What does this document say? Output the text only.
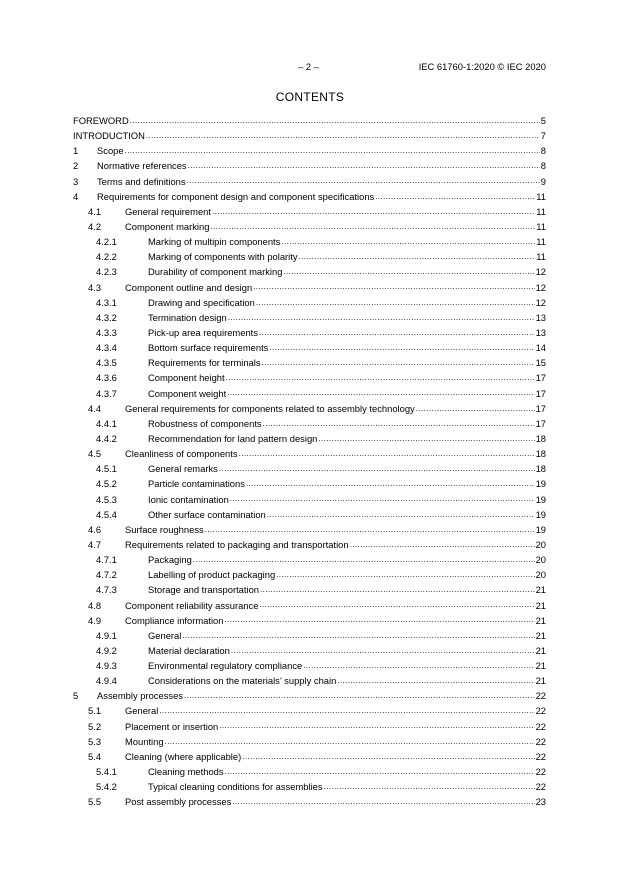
– 2 –	IEC 61760-1:2020 © IEC 2020
CONTENTS
FOREWORD .....	5
INTRODUCTION .....	7
1	Scope .....	8
2	Normative references .....	8
3	Terms and definitions .....	9
4	Requirements for component design and component specifications .....	11
4.1	General requirement .....	11
4.2	Component marking .....	11
4.2.1	Marking of multipin components .....	11
4.2.2	Marking of components with polarity .....	11
4.2.3	Durability of component marking .....	12
4.3	Component outline and design .....	12
4.3.1	Drawing and specification .....	12
4.3.2	Termination design .....	13
4.3.3	Pick-up area requirements .....	13
4.3.4	Bottom surface requirements .....	14
4.3.5	Requirements for terminals .....	15
4.3.6	Component height .....	17
4.3.7	Component weight .....	17
4.4	General requirements for components related to assembly technology .....	17
4.4.1	Robustness of components .....	17
4.4.2	Recommendation for land pattern design .....	18
4.5	Cleanliness of components .....	18
4.5.1	General remarks .....	18
4.5.2	Particle contaminations .....	19
4.5.3	Ionic contamination .....	19
4.5.4	Other surface contamination .....	19
4.6	Surface roughness .....	19
4.7	Requirements related to packaging and transportation .....	20
4.7.1	Packaging .....	20
4.7.2	Labelling of product packaging .....	20
4.7.3	Storage and transportation .....	21
4.8	Component reliability assurance .....	21
4.9	Compliance information .....	21
4.9.1	General .....	21
4.9.2	Material declaration .....	21
4.9.3	Environmental regulatory compliance .....	21
4.9.4	Considerations on the materials’ supply chain .....	21
5	Assembly processes .....	22
5.1	General .....	22
5.2	Placement or insertion .....	22
5.3	Mounting .....	22
5.4	Cleaning (where applicable) .....	22
5.4.1	Cleaning methods .....	22
5.4.2	Typical cleaning conditions for assemblies .....	22
5.5	Post assembly processes .....	23
